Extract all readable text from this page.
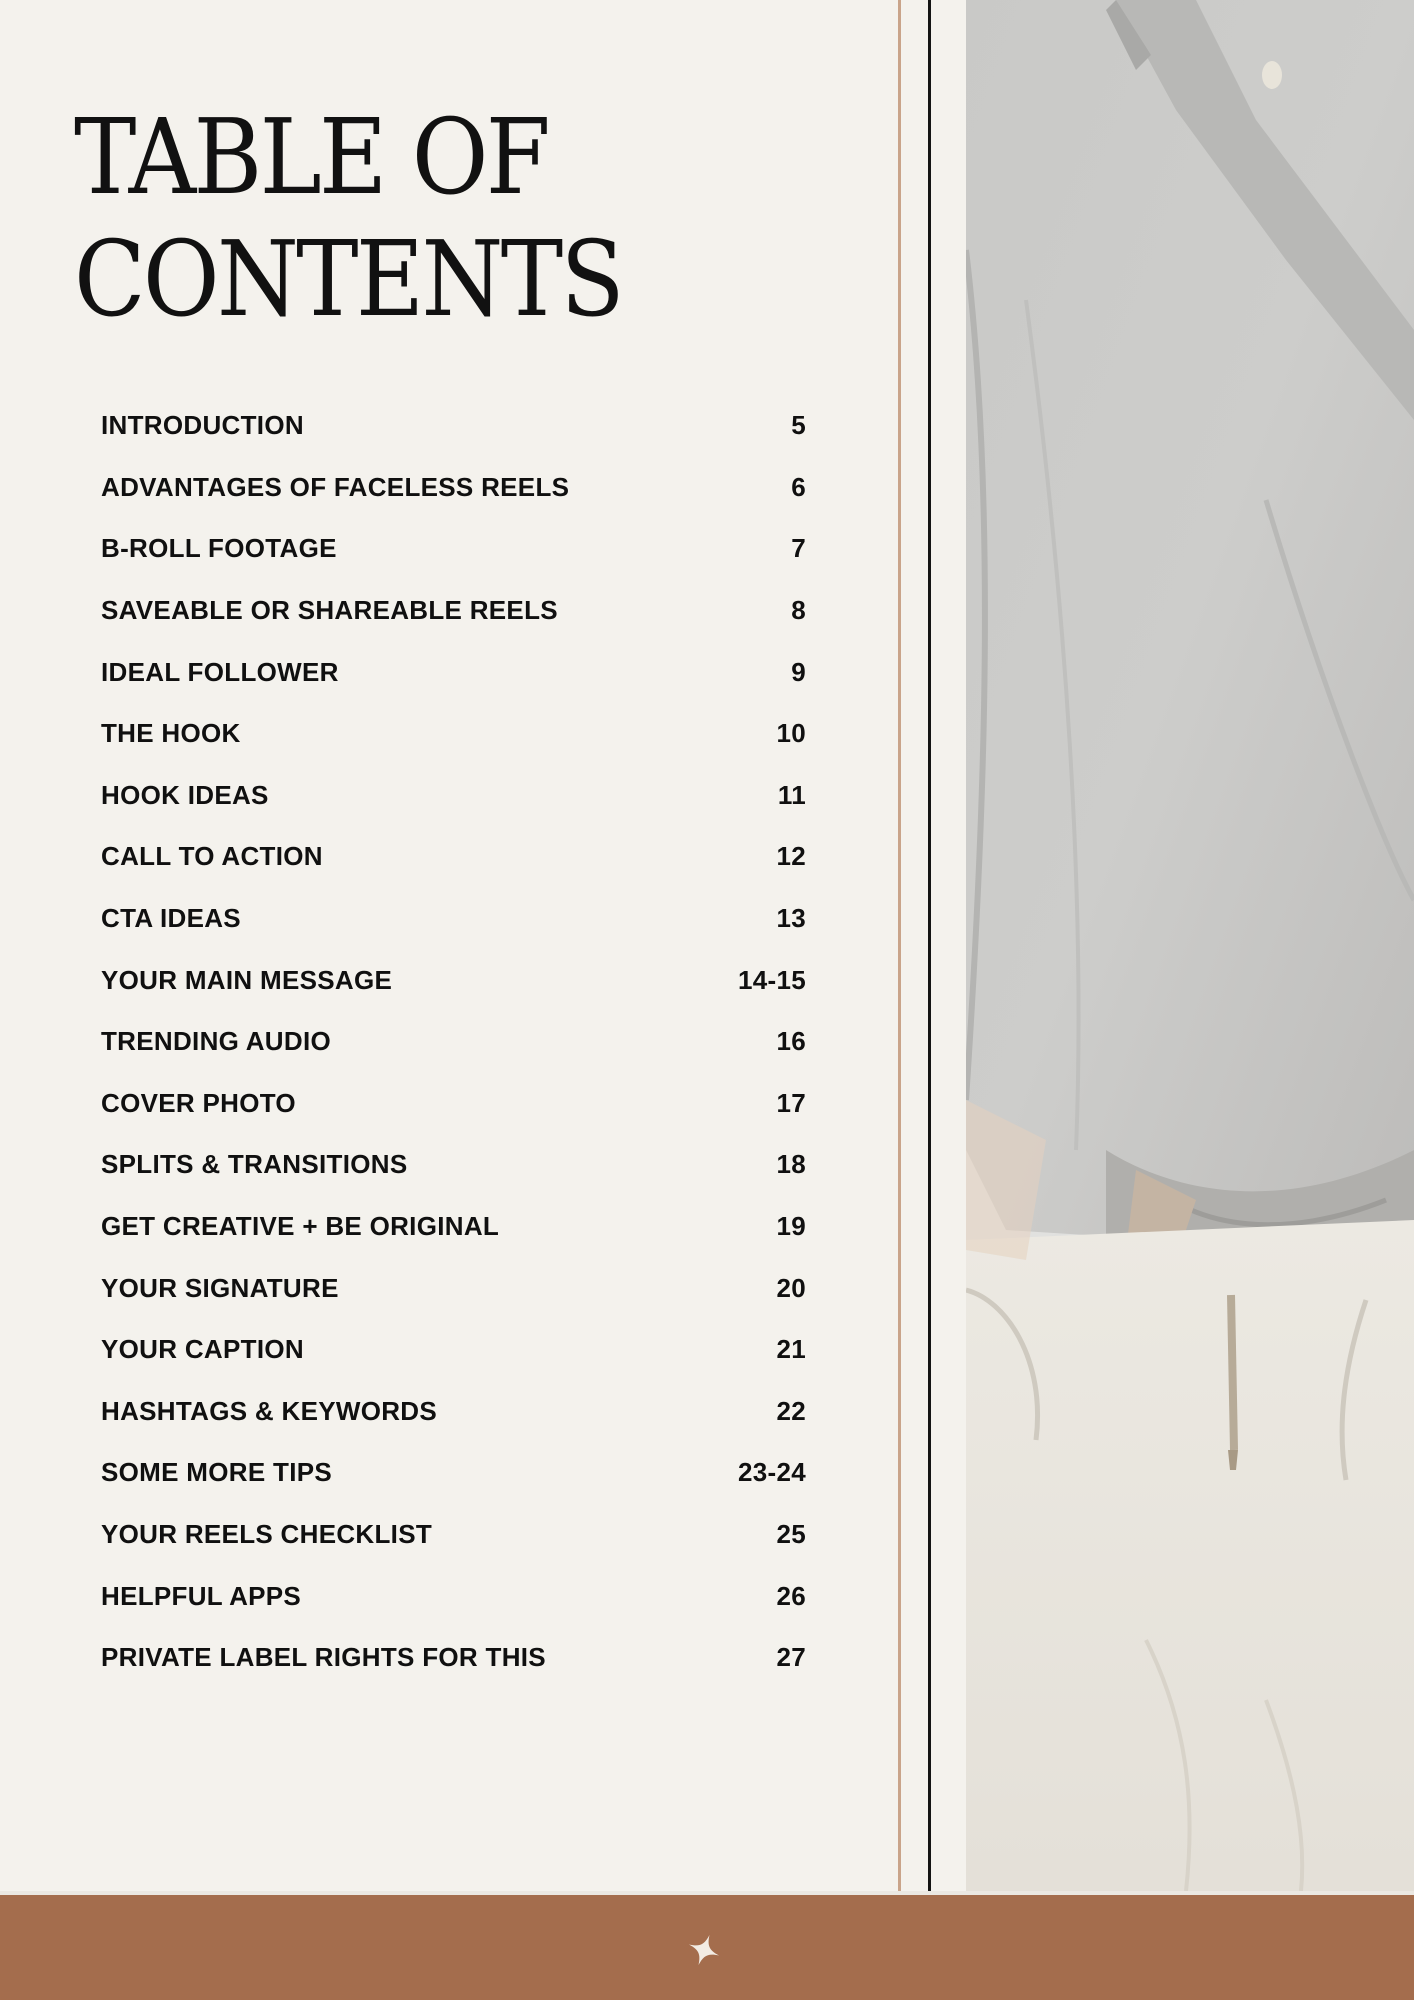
TABLE OF
CONTENTS
INTRODUCTION	5
ADVANTAGES OF FACELESS REELS	6
B-ROLL FOOTAGE	7
SAVEABLE OR SHAREABLE REELS	8
IDEAL FOLLOWER	9
THE HOOK	10
HOOK IDEAS	11
CALL TO ACTION	12
CTA IDEAS	13
YOUR MAIN MESSAGE	14-15
TRENDING AUDIO	16
COVER PHOTO	17
SPLITS & TRANSITIONS	18
GET CREATIVE + BE ORIGINAL	19
YOUR SIGNATURE	20
YOUR CAPTION	21
HASHTAGS & KEYWORDS	22
SOME MORE TIPS	23-24
YOUR REELS CHECKLIST	25
HELPFUL APPS	26
PRIVATE LABEL RIGHTS FOR THIS	27
